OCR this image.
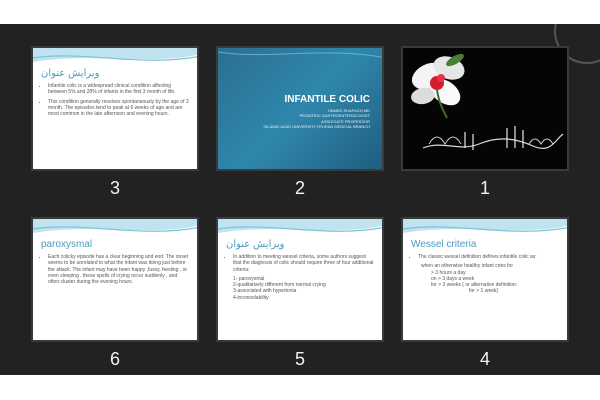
ويرايش عنوان
• Infantile colic is a widespread clinical condition affecting between 5% and 28% of infants in the first 3 month of life.
• This condition generally resolves spontaneously by the age of 3 month. The episodes tend to peak at 6 weeks of age and are most common in the late afternoon and evening hours.
3
INFANTILE COLIC
HAMED SHAFAGH,MD
PEDIATRIC GASTROENTEROLOGIST
ASSOCIATE PROFESSOR
ISLAMIC AZAD UNIVERSITY,TEHRAN MEDICAL BRANCH
2	1
paroxysmal
• Each colicky episode has a clear beginning and end. The onset seems to be unrelated to what the infant was doing just before the attack. The infant may have been happy ,fussy, feeding , or even sleeping . these spells of crying occur suddenly , and often cluster during the evening hours.
6
ويرايش عنوان
• In addition to meeting wessel criteria, some authors suggest that the diagnosis of colic should require three of four additional criteria:
1- paroxysmal
2-qualitatively different from normal crying
3-associated with hypertonia
4-inconsolability
5
Wessel criteria
• The classic wessel definition defines infantile colic as:
when an otherwise healthy infant cries for
> 3 hours a day
on > 3 days a week
for > 3 weeks ( or alternative definition:
for > 1 week)
4
